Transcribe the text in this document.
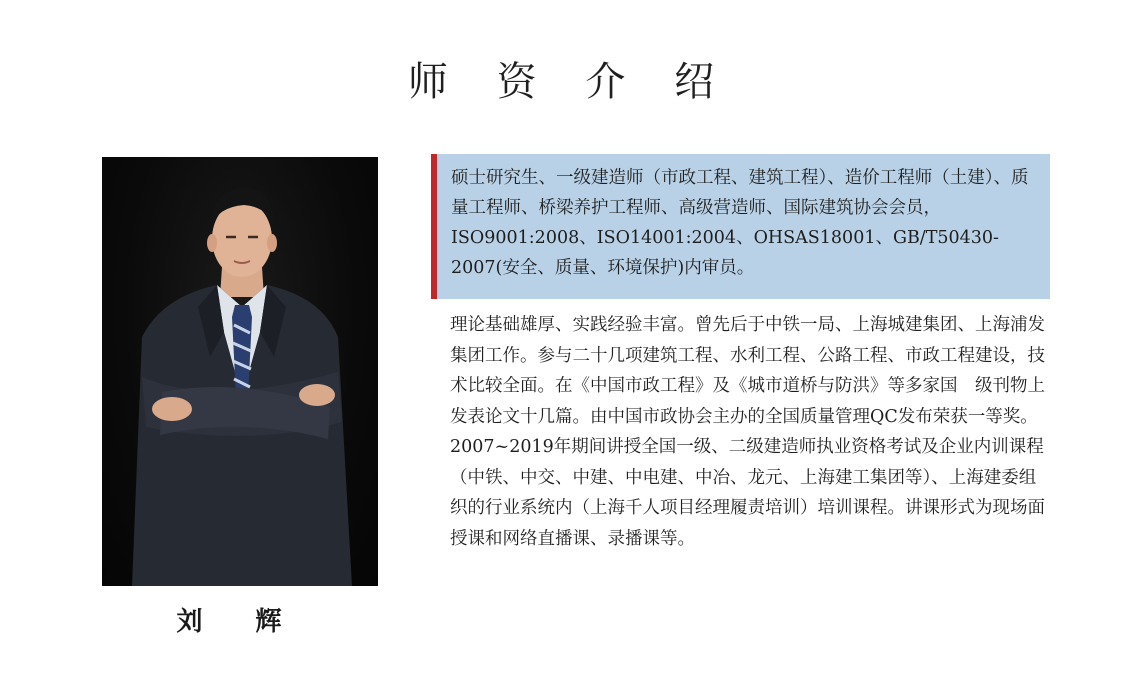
师 资 介 绍
刘 辉
硕士研究生、一级建造师（市政工程、建筑工程）、造价工程师（土建）、质量工程师、桥梁养护工程师、高级营造师、国际建筑协会会员，ISO9001:2008、ISO14001:2004、OHSAS18001、GB/T50430-2007(安全、质量、环境保护)内审员。

理论基础雄厚、实践经验丰富。曾先后于中铁一局、上海城建集团、上海浦发集团工作。参与二十几项建筑工程、水利工程、公路工程、市政工程建设，技术比较全面。在《中国市政工程》及《城市道桥与防洪》等多家国　级刊物上发表论文十几篇。由中国市政协会主办的全国质量管理QC发布荣获一等奖。

2007~2019年期间讲授全国一级、二级建造师执业资格考试及企业内训课程（中铁、中交、中建、中电建、中冶、龙元、上海建工集团等）、上海建委组织的行业系统内（上海千人项目经理履责培训）培训课程。讲课形式为现场面授课和网络直播课、录播课等。
